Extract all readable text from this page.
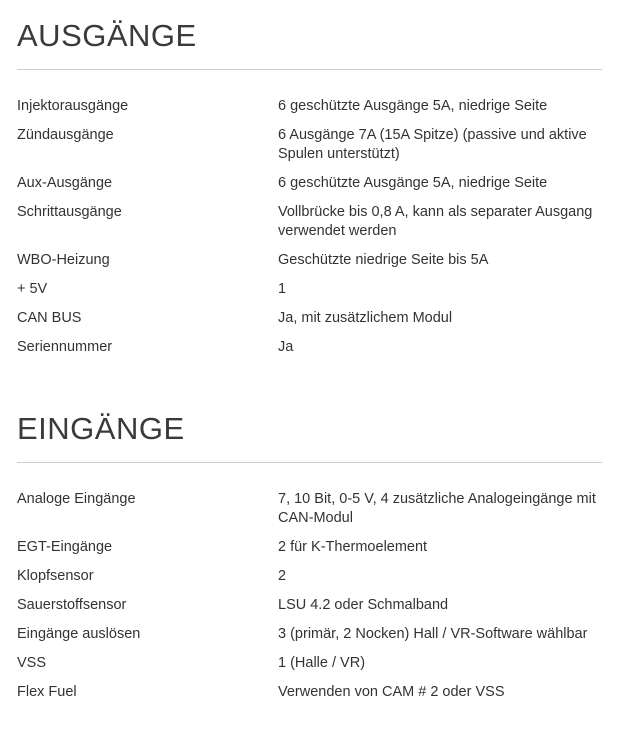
AUSGÄNGE
Injektorausgänge	6 geschützte Ausgänge 5A, niedrige Seite
Zündausgänge	6 Ausgänge 7A (15A Spitze) (passive und aktive Spulen unterstützt)
Aux-Ausgänge	6 geschützte Ausgänge 5A, niedrige Seite
Schrittausgänge	Vollbrücke bis 0,8 A, kann als separater Ausgang verwendet werden
WBO-Heizung	Geschützte niedrige Seite bis 5A
+ 5V	1
CAN BUS	Ja, mit zusätzlichem Modul
Seriennummer	Ja
EINGÄNGE
Analoge Eingänge	7, 10 Bit, 0-5 V, 4 zusätzliche Analogeingänge mit CAN-Modul
EGT-Eingänge	2 für K-Thermoelement
Klopfsensor	2
Sauerstoffsensor	LSU 4.2 oder Schmalband
Eingänge auslösen	3 (primär, 2 Nocken) Hall / VR-Software wählbar
VSS	1 (Halle / VR)
Flex Fuel	Verwenden von CAM # 2 oder VSS
